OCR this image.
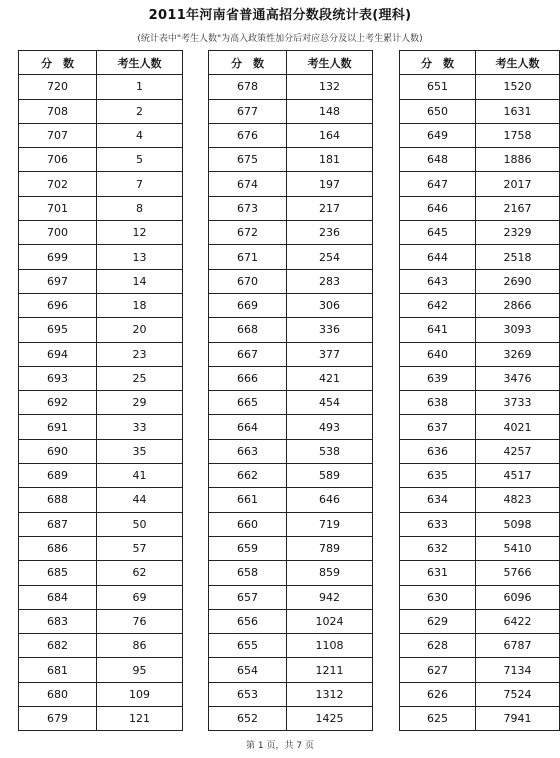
2011年河南省普通高招分数段统计表(理科)
(统计表中"考生人数"为高入政策性加分后对应总分及以上考生累计人数)
分　数	考生人数
720	1
708	2
707	4
706	5
702	7
701	8
700	12
699	13
697	14
696	18
695	20
694	23
693	25
692	29
691	33
690	35
689	41
688	44
687	50
686	57
685	62
684	69
683	76
682	86
681	95
680	109
679	121
分　数	考生人数
678	132
677	148
676	164
675	181
674	197
673	217
672	236
671	254
670	283
669	306
668	336
667	377
666	421
665	454
664	493
663	538
662	589
661	646
660	719
659	789
658	859
657	942
656	1024
655	1108
654	1211
653	1312
652	1425
分　数	考生人数
651	1520
650	1631
649	1758
648	1886
647	2017
646	2167
645	2329
644	2518
643	2690
642	2866
641	3093
640	3269
639	3476
638	3733
637	4021
636	4257
635	4517
634	4823
633	5098
632	5410
631	5766
630	6096
629	6422
628	6787
627	7134
626	7524
625	7941
第 1 页，共 7 页
